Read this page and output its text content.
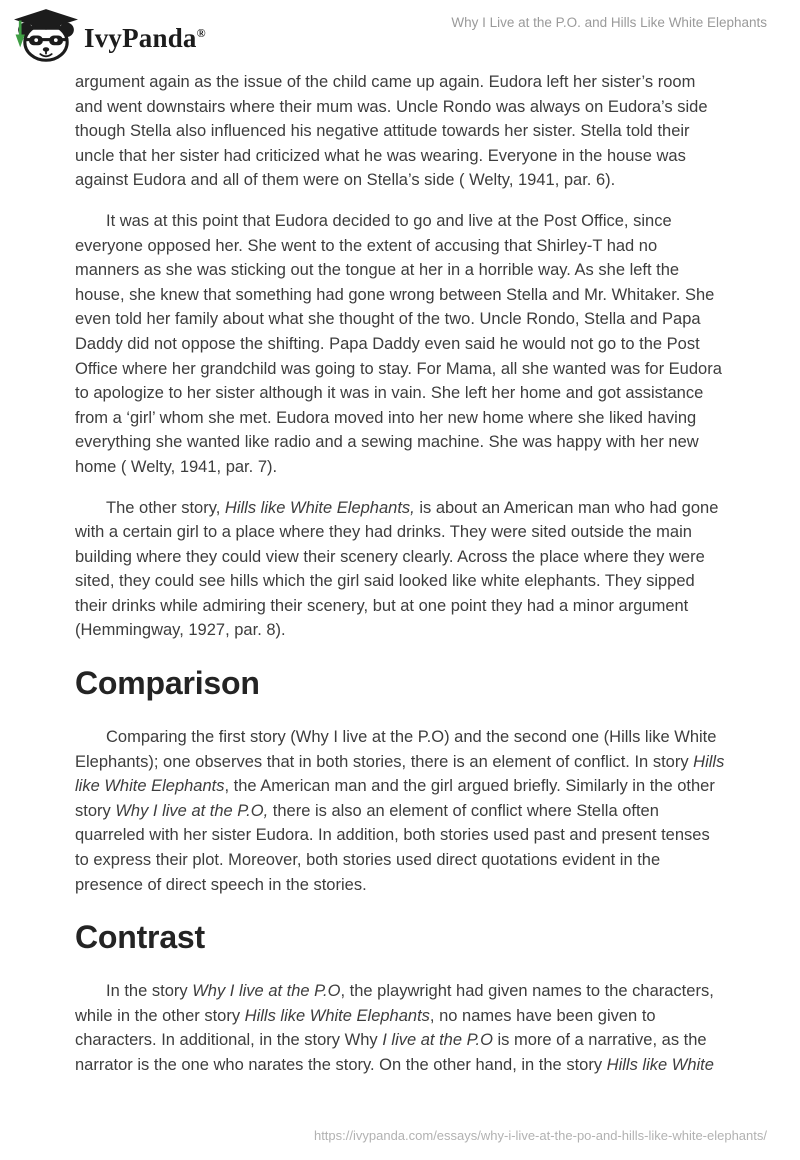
IvyPanda®
Why I Live at the P.O. and Hills Like White Elephants

argument again as the issue of the child came up again. Eudora left her sister’s room and went downstairs where their mum was. Uncle Rondo was always on Eudora’s side though Stella also influenced his negative attitude towards her sister. Stella told their uncle that her sister had criticized what he was wearing. Everyone in the house was against Eudora and all of them were on Stella’s side ( Welty, 1941, par. 6).

It was at this point that Eudora decided to go and live at the Post Office, since everyone opposed her. She went to the extent of accusing that Shirley-T had no manners as she was sticking out the tongue at her in a horrible way. As she left the house, she knew that something had gone wrong between Stella and Mr. Whitaker. She even told her family about what she thought of the two. Uncle Rondo, Stella and Papa Daddy did not oppose the shifting. Papa Daddy even said he would not go to the Post Office where her grandchild was going to stay. For Mama, all she wanted was for Eudora to apologize to her sister although it was in vain. She left her home and got assistance from a ‘girl’ whom she met. Eudora moved into her new home where she liked having everything she wanted like radio and a sewing machine. She was happy with her new home ( Welty, 1941, par. 7).

The other story, Hills like White Elephants, is about an American man who had gone with a certain girl to a place where they had drinks. They were sited outside the main building where they could view their scenery clearly. Across the place where they were sited, they could see hills which the girl said looked like white elephants. They sipped their drinks while admiring their scenery, but at one point they had a minor argument (Hemmingway, 1927, par. 8).

Comparison

Comparing the first story (Why I live at the P.O) and the second one (Hills like White Elephants); one observes that in both stories, there is an element of conflict. In story Hills like White Elephants, the American man and the girl argued briefly. Similarly in the other story Why I live at the P.O, there is also an element of conflict where Stella often quarreled with her sister Eudora. In addition, both stories used past and present tenses to express their plot. Moreover, both stories used direct quotations evident in the presence of direct speech in the stories.

Contrast

In the story Why I live at the P.O, the playwright had given names to the characters, while in the other story Hills like White Elephants, no names have been given to characters. In additional, in the story Why I live at the P.O is more of a narrative, as the narrator is the one who narates the story. On the other hand, in the story Hills like White

https://ivypanda.com/essays/why-i-live-at-the-po-and-hills-like-white-elephants/
